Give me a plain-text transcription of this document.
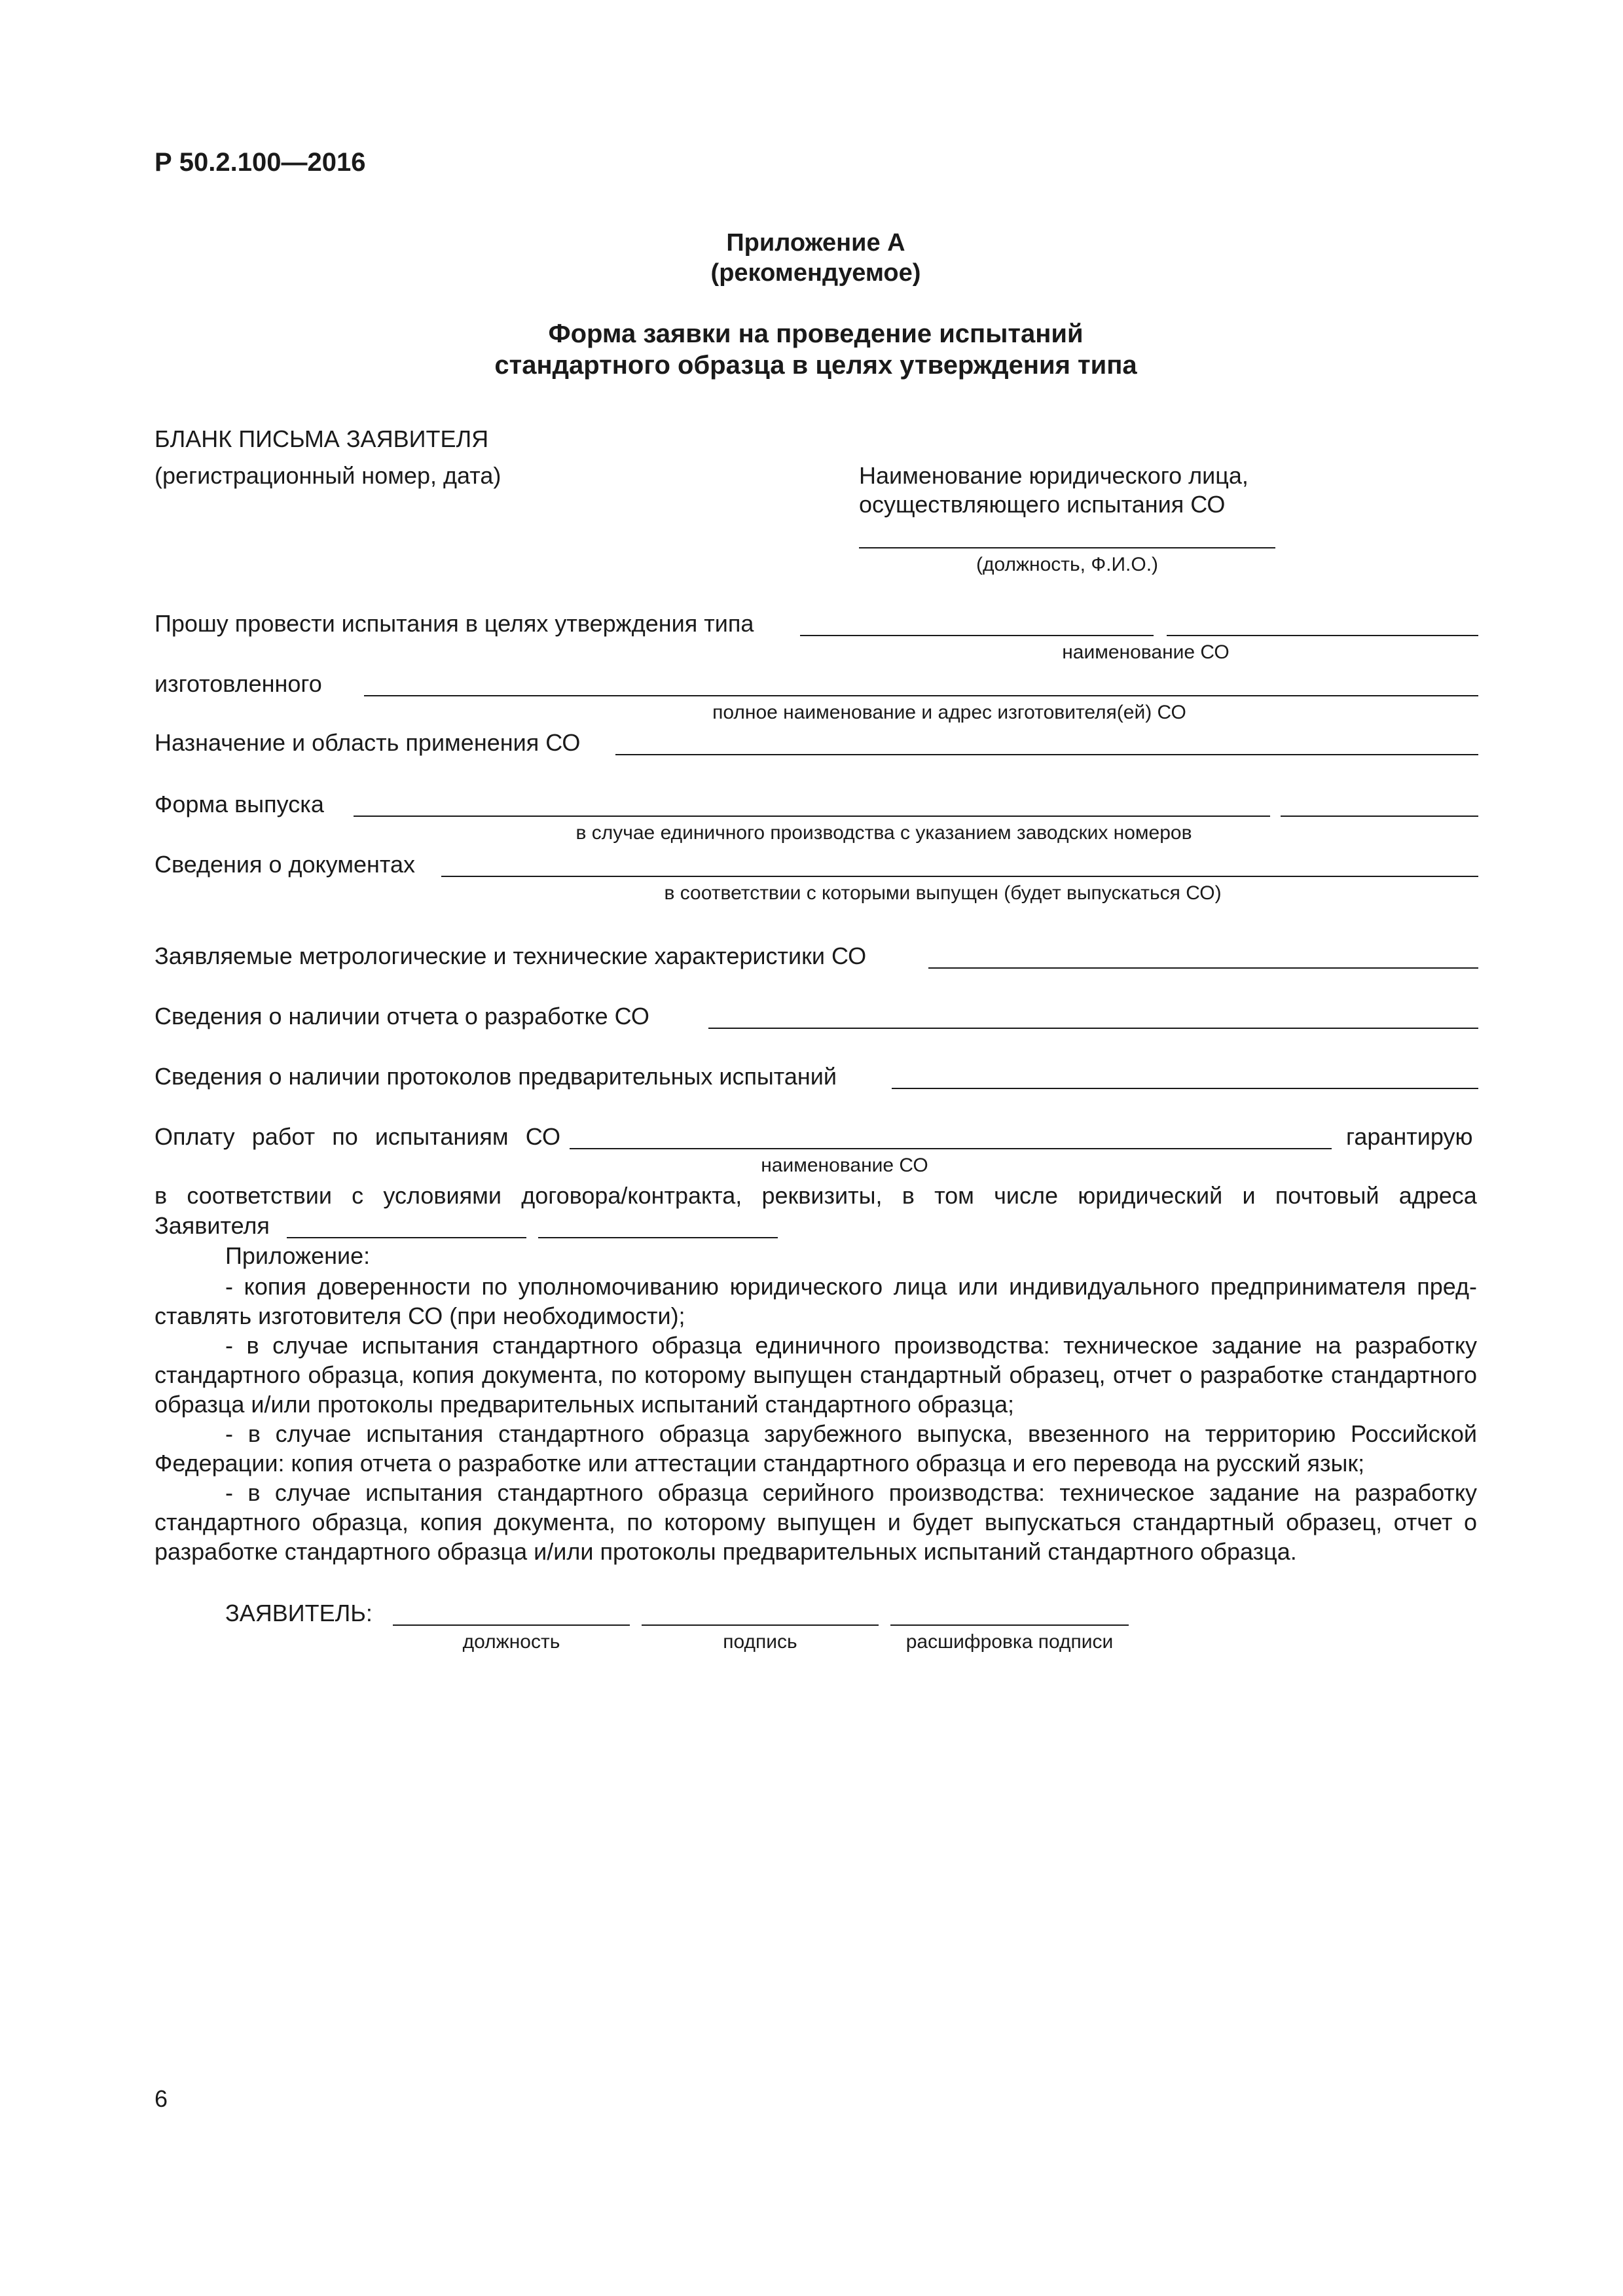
Р 50.2.100—2016
Приложение А
(рекомендуемое)
Форма заявки на проведение испытаний
стандартного образца в целях утверждения типа
БЛАНК ПИСЬМА ЗАЯВИТЕЛЯ
(регистрационный номер, дата)	Наименование юридического лица,
осуществляющего испытания СО
(должность, Ф.И.О.)
Прошу провести испытания в целях утверждения типа
наименование СО
изготовленного
полное наименование и адрес изготовителя(ей) СО
Назначение и область применения СО
Форма выпуска
в случае единичного производства с указанием заводских номеров
Сведения о документах
в соответствии с которыми выпущен (будет выпускаться СО)
Заявляемые метрологические и технические характеристики СО
Сведения о наличии отчета о разработке СО
Сведения о наличии протоколов предварительных испытаний
Оплату работ по испытаниям СО	гарантирую
наименование СО
в соответствии с условиями договора/контракта, реквизиты, в том числе юридический и почтовый адреса
Заявителя
Приложение:
- копия доверенности по уполномочиванию юридического лица или индивидуального предпринимателя представлять изготовителя СО (при необходимости);
- в случае испытания стандартного образца единичного производства: техническое задание на разработку стандартного образца, копия документа, по которому выпущен стандартный образец, отчет о разработке стандартного образца и/или протоколы предварительных испытаний стандартного образца;
- в случае испытания стандартного образца зарубежного выпуска, ввезенного на территорию Российской Федерации: копия отчета о разработке или аттестации стандартного образца и его перевода на русский язык;
- в случае испытания стандартного образца серийного производства: техническое задание на разработку стандартного образца, копия документа, по которому выпущен и будет выпускаться стандартный образец, отчет о разработке стандартного образца и/или протоколы предварительных испытаний стандартного образца.
ЗАЯВИТЕЛЬ:
должность	подпись	расшифровка подписи
6
